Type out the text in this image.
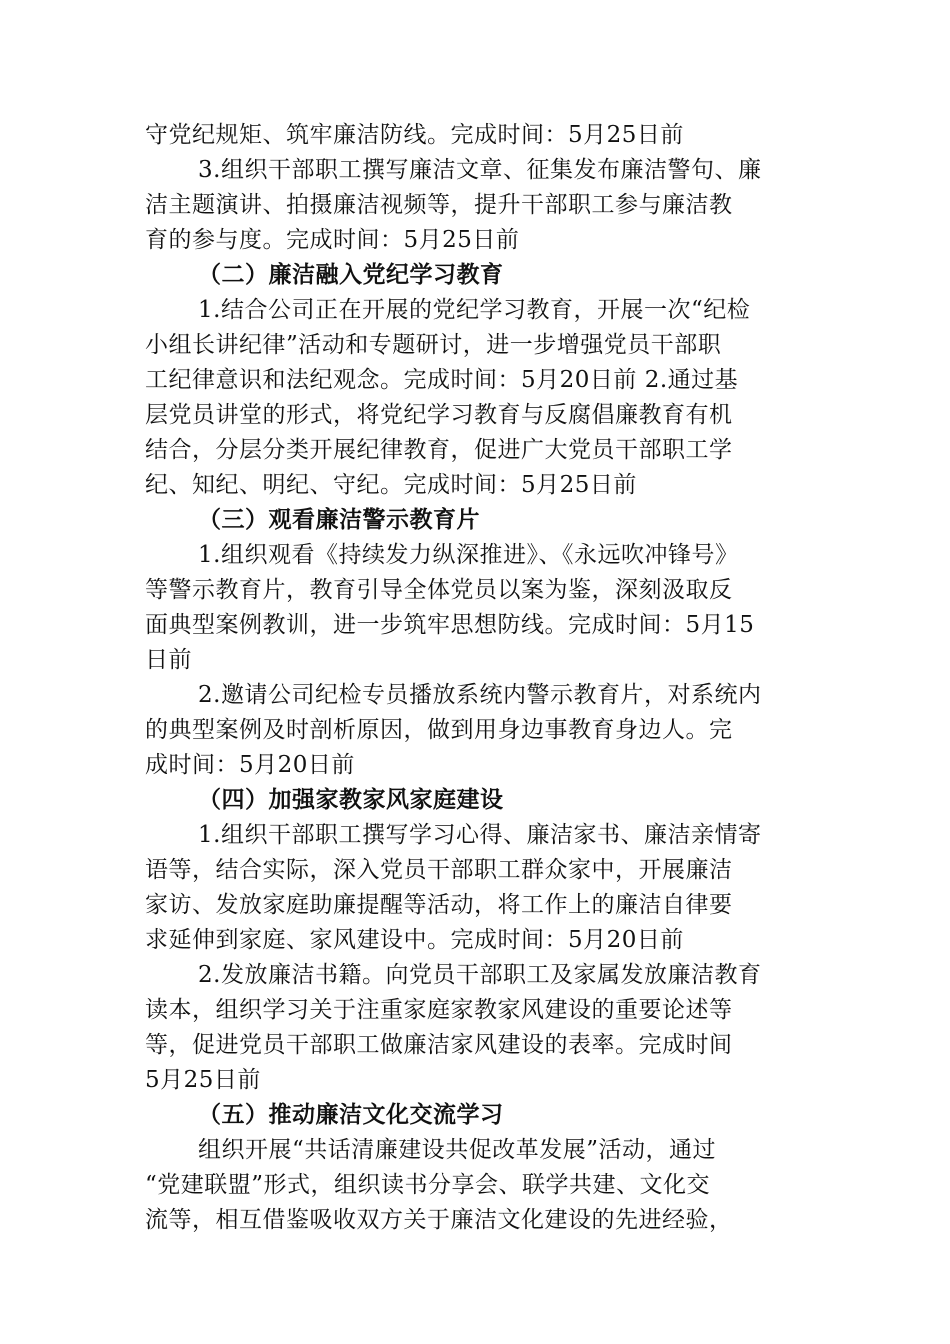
守党纪规矩、筑牢廉洁防线。完成时间：5月25日前
3.组织干部职工撰写廉洁文章、征集发布廉洁警句、廉
洁主题演讲、拍摄廉洁视频等，提升干部职工参与廉洁教
育的参与度。完成时间：5月25日前
（二）廉洁融入党纪学习教育
1.结合公司正在开展的党纪学习教育，开展一次“纪检
小组长讲纪律”活动和专题研讨，进一步增强党员干部职
工纪律意识和法纪观念。完成时间：5月20日前 2.通过基
层党员讲堂的形式，将党纪学习教育与反腐倡廉教育有机
结合，分层分类开展纪律教育，促进广大党员干部职工学
纪、知纪、明纪、守纪。完成时间：5月25日前
（三）观看廉洁警示教育片
1.组织观看《持续发力纵深推进》、《永远吹冲锋号》
等警示教育片，教育引导全体党员以案为鉴，深刻汲取反
面典型案例教训，进一步筑牢思想防线。完成时间：5月15
日前
2.邀请公司纪检专员播放系统内警示教育片，对系统内
的典型案例及时剖析原因，做到用身边事教育身边人。完
成时间：5月20日前
（四）加强家教家风家庭建设
1.组织干部职工撰写学习心得、廉洁家书、廉洁亲情寄
语等，结合实际，深入党员干部职工群众家中，开展廉洁
家访、发放家庭助廉提醒等活动，将工作上的廉洁自律要
求延伸到家庭、家风建设中。完成时间：5月20日前
2.发放廉洁书籍。向党员干部职工及家属发放廉洁教育
读本，组织学习关于注重家庭家教家风建设的重要论述等
等，促进党员干部职工做廉洁家风建设的表率。完成时间
5月25日前
（五）推动廉洁文化交流学习
组织开展“共话清廉建设共促改革发展”活动，通过
“党建联盟”形式，组织读书分享会、联学共建、文化交
流等，相互借鉴吸收双方关于廉洁文化建设的先进经验，
